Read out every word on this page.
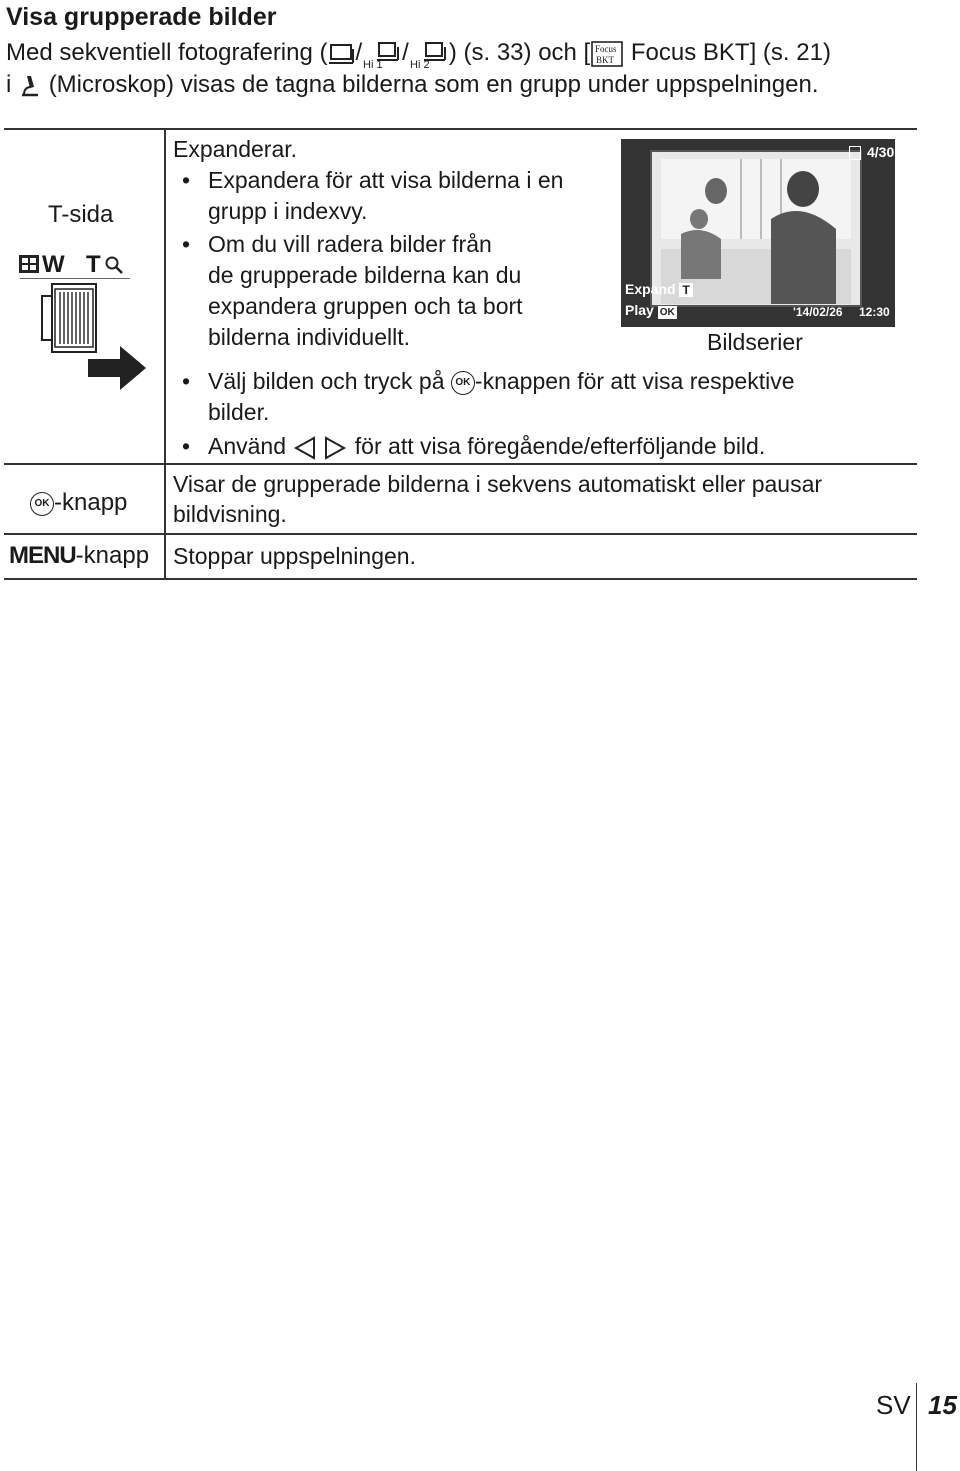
Visa grupperade bilder
Med sekventiell fotografering ( / Hi 1 / Hi 2 ) (s. 33) och [ Focus
BKT Focus BKT] (s. 21)
i (Microskop) visas de tagna bilderna som en grupp under uppspelningen.
T-sida
W T
Expanderar.
• Expandera för att visa bilderna i en
grupp i indexvy.
• Om du vill radera bilder från
de grupperade bilderna kan du
expandera gruppen och ta bort
bilderna individuellt.
4/30
Expand T
Play OK	'14/02/26 12:30
Bildserier
• Välj bilden och tryck på OK -knappen för att visa respektive
bilder.
• Använd	för att visa föregående/efterföljande bild.
OK -knapp
Visar de grupperade bilderna i sekvens automatiskt eller pausar
bildvisning.
MENU-knapp Stoppar uppspelningen.
SV 15
